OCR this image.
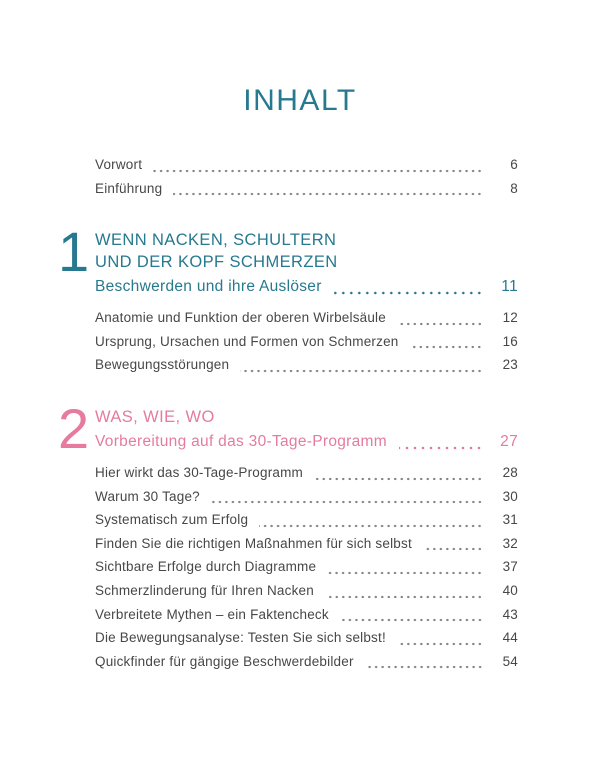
INHALT
Vorwort	6
Einführung	8
1 WENN NACKEN, SCHULTERN
UND DER KOPF SCHMERZEN
Beschwerden und ihre Auslöser	11
Anatomie und Funktion der oberen Wirbelsäule	12
Ursprung, Ursachen und Formen von Schmerzen	16
Bewegungsstörungen	23
2 WAS, WIE, WO
Vorbereitung auf das 30-Tage-Programm	27
Hier wirkt das 30-Tage-Programm	28
Warum 30 Tage?	30
Systematisch zum Erfolg	31
Finden Sie die richtigen Maßnahmen für sich selbst	32
Sichtbare Erfolge durch Diagramme	37
Schmerzlinderung für Ihren Nacken	40
Verbreitete Mythen – ein Faktencheck	43
Die Bewegungsanalyse: Testen Sie sich selbst!	44
Quickfinder für gängige Beschwerdebilder	54
